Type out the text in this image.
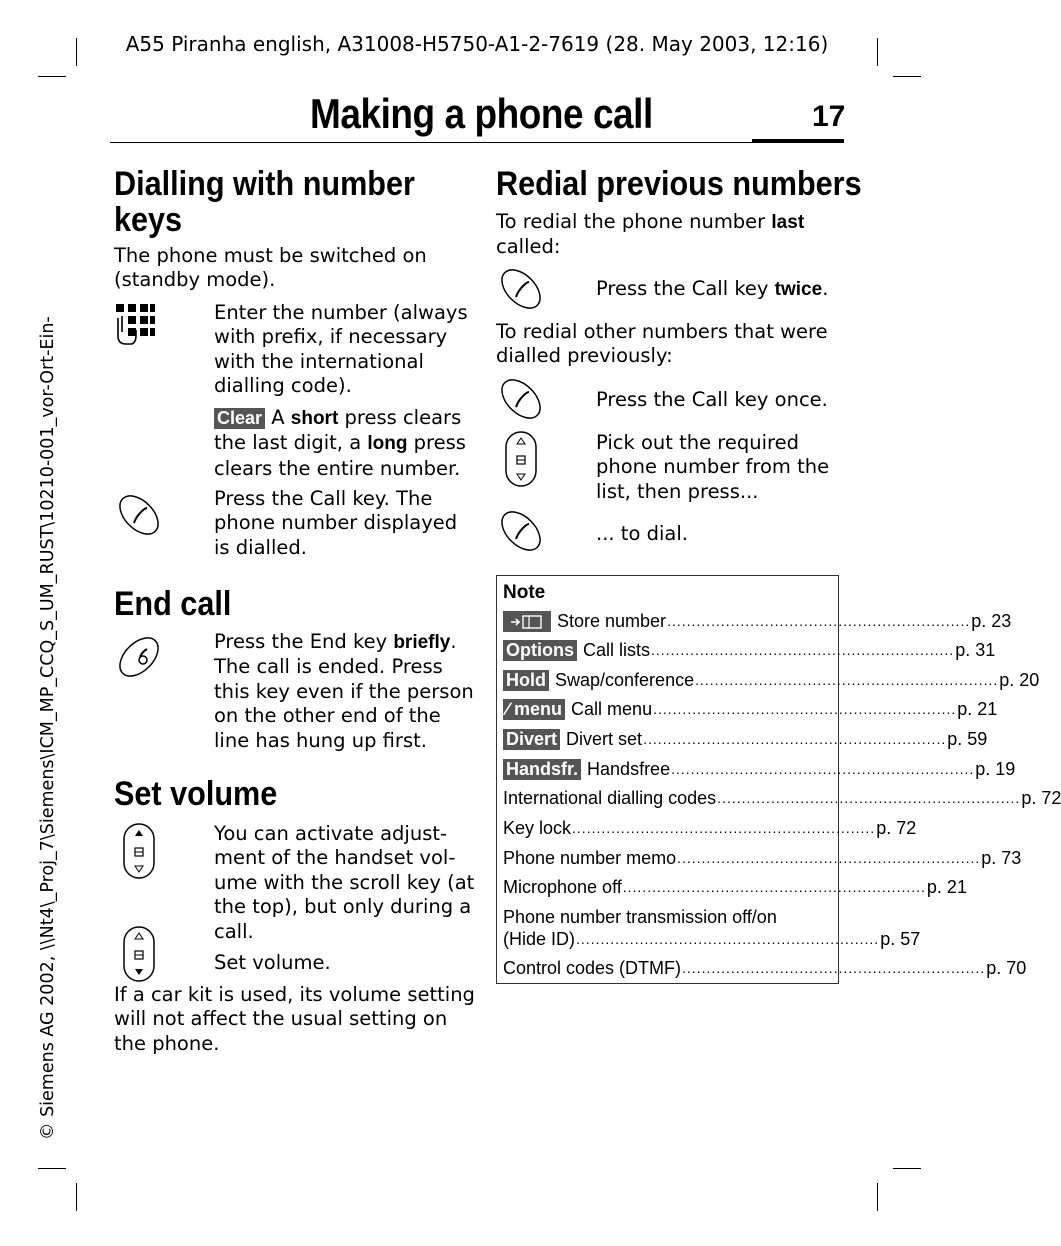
A55 Piranha english, A31008-H5750-A1-2-7619 (28. May 2003, 12:16)
Making a phone call	17
© Siemens AG 2002, \\Nt4\_Proj_7\Siemens\ICM_MP_CCQ_S_UM_RUST\10210-001_vor-Ort-Ein-
Dialling with number
keys
The phone must be switched on
(standby mode).
Enter the number (always
with prefix, if necessary
with the international
dialling code).
Clear A short press clears
the last digit, a long press
clears the entire number.
Press the Call key. The
phone number displayed
is dialled.
End call
Press the End key briefly.
The call is ended. Press
this key even if the person
on the other end of the
line has hung up first.
Set volume
You can activate adjust-
ment of the handset vol-
ume with the scroll key (at
the top), but only during a
call.
Set volume.
If a car kit is used, its volume setting
will not affect the usual setting on
the phone.
Redial previous numbers
To redial the phone number last
called:
Press the Call key twice.
To redial other numbers that were
dialled previously:
Press the Call key once.
Pick out the required
phone number from the
list, then press...
... to dial.
Note
Store number .............................................................. p. 23
Options Call lists .............................................................. p. 31
Hold Swap/conference .............................................................. p. 20
∕ menu Call menu .............................................................. p. 21
Divert Divert set .............................................................. p. 59
Handsfr. Handsfree .............................................................. p. 19
International dialling codes .............................................................. p. 72
Key lock .............................................................. p. 72
Phone number memo .............................................................. p. 73
Microphone off .............................................................. p. 21
Phone number transmission off/on
(Hide ID) .............................................................. p. 57
Control codes (DTMF) .............................................................. p. 70
